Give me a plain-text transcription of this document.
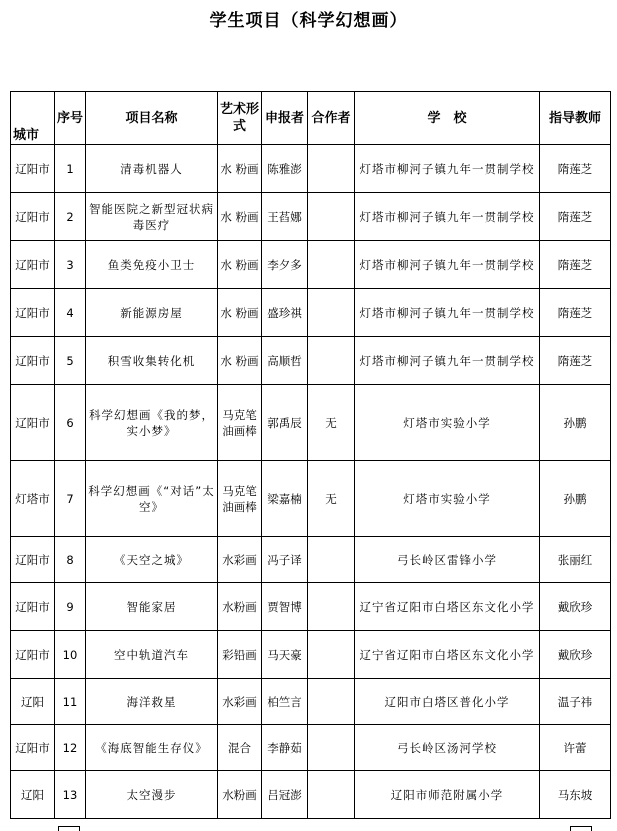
学生项目（科学幻想画）
城市	序号	项目名称	艺术形式	申报者	合作者	学　校	指导教师
辽阳市	1	清毒机器人	水 粉画	陈雅澎		灯塔市柳河子镇九年一贯制学校	隋莲芝
辽阳市	2	智能医院之新型冠状病毒医疗	水 粉画	王萏娜		灯塔市柳河子镇九年一贯制学校	隋莲芝
辽阳市	3	鱼类免疫小卫士	水 粉画	李夕多		灯塔市柳河子镇九年一贯制学校	隋莲芝
辽阳市	4	新能源房屋	水 粉画	盛珍祺		灯塔市柳河子镇九年一贯制学校	隋莲芝
辽阳市	5	积雪收集转化机	水 粉画	高顺哲		灯塔市柳河子镇九年一贯制学校	隋莲芝
辽阳市	6	科学幻想画《我的梦，实小梦》	马克笔油画棒	郭禹辰	无	灯塔市实验小学	孙鹏
灯塔市	7	科学幻想画《“对话”太空》	马克笔油画棒	梁嘉楠	无	灯塔市实验小学	孙鹏
辽阳市	8	《天空之城》	水彩画	冯子译		弓长岭区雷锋小学	张丽红
辽阳市	9	智能家居	水粉画	贾智博		辽宁省辽阳市白塔区东文化小学	戴欣珍
辽阳市	10	空中轨道汽车	彩铅画	马天豪		辽宁省辽阳市白塔区东文化小学	戴欣珍
辽阳	11	海洋救星	水彩画	柏竺言		辽阳市白塔区普化小学	温子祎
辽阳市	12	《海底智能生存仪》	混合	李静茹		弓长岭区汤河学校	许蕾
辽阳	13	太空漫步	水粉画	吕冠澎		辽阳市师范附属小学	马东坡
